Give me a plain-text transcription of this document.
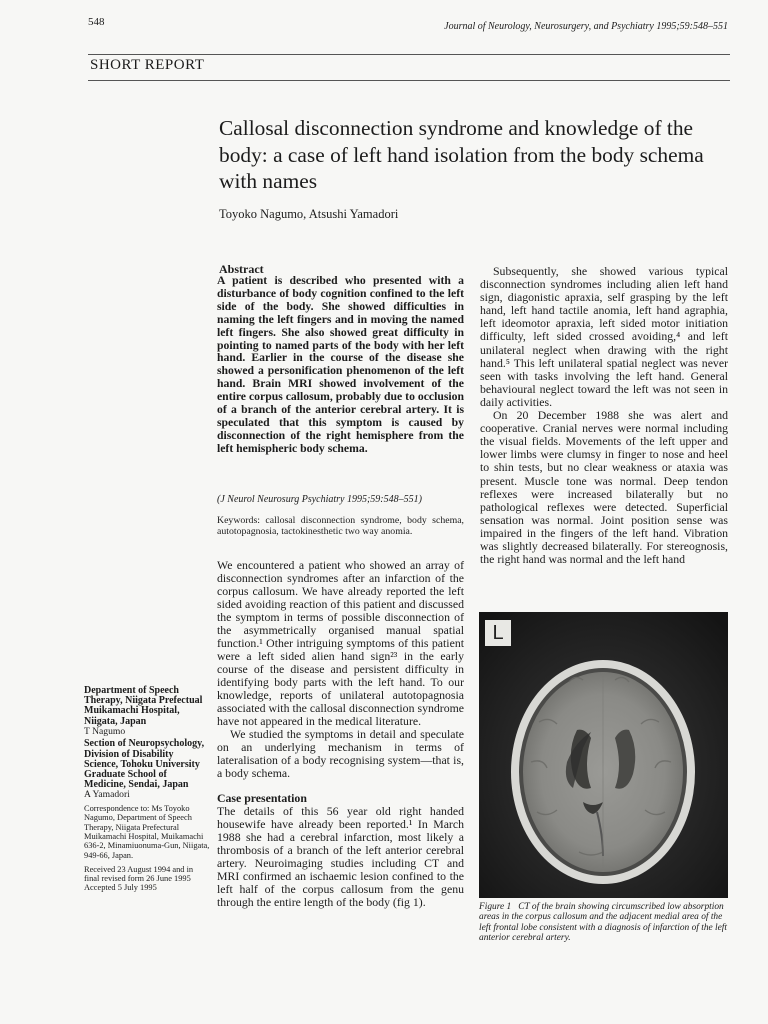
548	Journal of Neurology, Neurosurgery, and Psychiatry 1995;59:548–551
SHORT REPORT
Callosal disconnection syndrome and knowledge of the body: a case of left hand isolation from the body schema with names
Toyoko Nagumo, Atsushi Yamadori
Abstract

A patient is described who presented with a disturbance of body cognition confined to the left side of the body. She showed difficulties in naming the left fingers and in moving the named left fingers. She also showed great difficulty in pointing to named parts of the body with her left hand. Earlier in the course of the disease she showed a personification phenomenon of the left hand. Brain MRI showed involvement of the entire corpus callosum, probably due to occlusion of a branch of the anterior cerebral artery. It is speculated that this symptom is caused by disconnection of the right hemisphere from the left hemispheric body schema.

(J Neurol Neurosurg Psychiatry 1995;59:548–551)

Keywords: callosal disconnection syndrome, body schema, autotopagnosia, tactokinesthetic two way anomia.

We encountered a patient who showed an array of disconnection syndromes after an infarction of the corpus callosum. We have already reported the left sided avoiding reaction of this patient and discussed the symptom in terms of possible disconnection of the asymmetrically organised manual spatial function.¹ Other intriguing symptoms of this patient were a left sided alien hand sign²³ in the early course of the disease and persistent difficulty in identifying body parts with the left hand. To our knowledge, reports of unilateral autotopagnosia associated with the callosal disconnection syndrome have not appeared in the medical literature.

We studied the symptoms in detail and speculate on an underlying mechanism in terms of lateralisation of a body recognising system—that is, a body schema.

Case presentation

The details of this 56 year old right handed housewife have already been reported.¹ In March 1988 she had a cerebral infarction, most likely a thrombosis of a branch of the left anterior cerebral artery. Neuroimaging studies including CT and MRI confirmed an ischaemic lesion confined to the left half of the corpus callosum from the genu through the entire length of the body (fig 1).

Subsequently, she showed various typical disconnection syndromes including alien left hand sign, diagonistic apraxia, self grasping by the left hand, left hand tactile anomia, left hand agraphia, left ideomotor apraxia, left sided motor initiation difficulty, left sided crossed avoiding,⁴ and left unilateral neglect when drawing with the right hand.⁵ This left unilateral spatial neglect was never seen with tasks involving the left hand. General behavioural neglect toward the left was not seen in daily activities.

On 20 December 1988 she was alert and cooperative. Cranial nerves were normal including the visual fields. Movements of the left upper and lower limbs were clumsy in finger to nose and heel to shin tests, but no clear weakness or ataxia was present. Muscle tone was normal. Deep tendon reflexes were increased bilaterally but no pathological reflexes were detected. Superficial sensation was normal. Joint position sense was impaired in the fingers of the left hand. Vibration was slightly decreased bilaterally. For stereognosis, the right hand was normal and the left hand

Department of Speech Therapy, Niigata Prefectual Muikamachi Hospital, Niigata, Japan
T Nagumo
Section of Neuropsychology, Division of Disability Science, Tohoku University Graduate School of Medicine, Sendai, Japan
A Yamadori
Correspondence to: Ms Toyoko Nagumo, Department of Speech Therapy, Niigata Prefectural Muikamachi Hospital, Muikamachi 636-2, Minamiuonuma-Gun, Niigata, 949-66, Japan.
Received 23 August 1994 and in final revised form 26 June 1995 Accepted 5 July 1995
L
Figure 1 CT of the brain showing circumscribed low absorption areas in the corpus callosum and the adjacent medial area of the left frontal lobe consistent with a diagnosis of infarction of the left anterior cerebral artery.
